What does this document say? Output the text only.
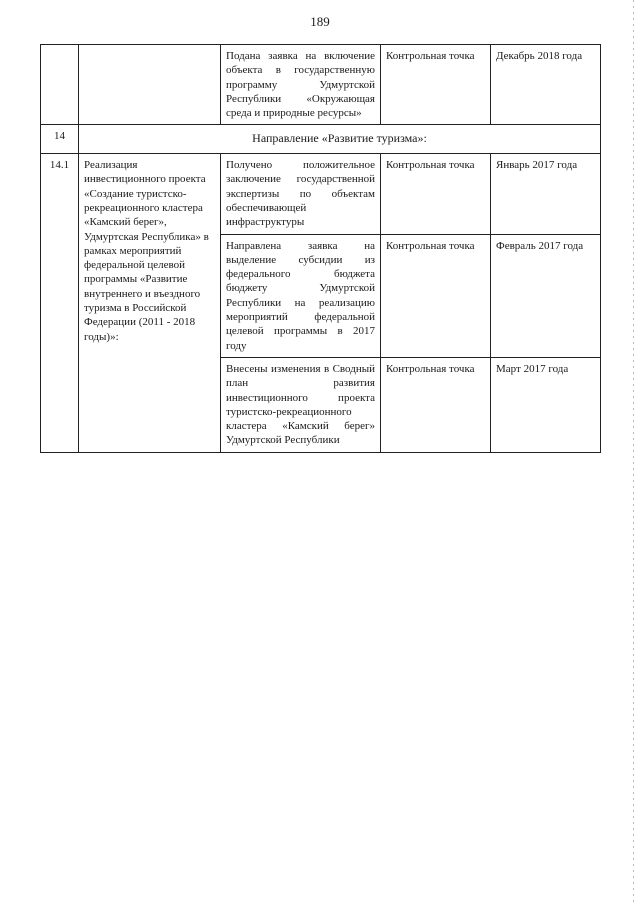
189
		Подана заявка на включение объекта в государственную программу Удмуртской Республики «Окружающая среда и природные ресурсы»	Контрольная точка	Декабрь 2018 года
14	Направление «Развитие туризма»:			
14.1	Реализация инвестиционного проекта «Создание туристско-рекреационного кластера «Камский берег», Удмуртская Республика» в рамках мероприятий федеральной целевой программы «Развитие внутреннего и въездного туризма в Российской Федерации (2011 - 2018 годы)»:	Получено положительное заключение государственной экспертизы по объектам обеспечивающей инфраструктуры	Контрольная точка	Январь 2017 года
		Направлена заявка на выделение субсидии из федерального бюджета бюджету Удмуртской Республики на реализацию мероприятий федеральной целевой программы в 2017 году	Контрольная точка	Февраль 2017 года
		Внесены изменения в Сводный план развития инвестиционного проекта туристско-рекреационного кластера «Камский берег» Удмуртской Республики	Контрольная точка	Март 2017 года
